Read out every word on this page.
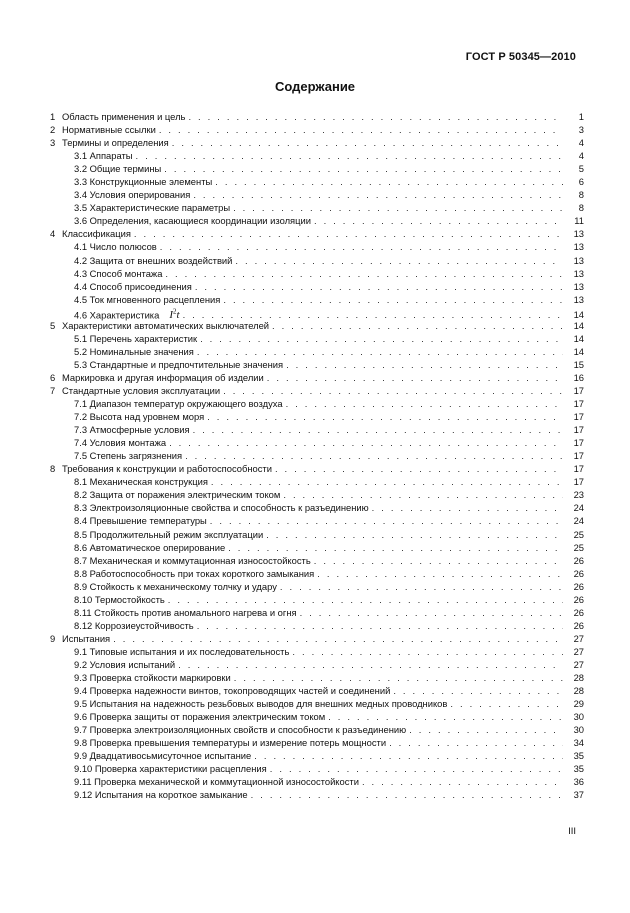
ГОСТ Р 50345—2010
Содержание
1 Область применения и цель . . .	1
2 Нормативные ссылки . . .	3
3 Термины и определения . . .	4
3.1 Аппараты . . .	4
3.2 Общие термины . . .	5
3.3 Конструкционные элементы . . .	6
3.4 Условия оперирования . . .	8
3.5 Характеристические параметры . . .	8
3.6 Определения, касающиеся координации изоляции . . .	11
4 Классификация . . .	13
4.1 Число полюсов . . .	13
4.2 Защита от внешних воздействий . . .	13
4.3 Способ монтажа . . .	13
4.4 Способ присоединения . . .	13
4.5 Ток мгновенного расцепления . . .	13
4.6 Характеристика $I^2t$ . . .	14
5 Характеристики автоматических выключателей . . .	14
5.1 Перечень характеристик . . .	14
5.2 Номинальные значения . . .	14
5.3 Стандартные и предпочтительные значения . . .	15
6 Маркировка и другая информация об изделии . . .	16
7 Стандартные условия эксплуатации . . .	17
7.1 Диапазон температур окружающего воздуха . . .	17
7.2 Высота над уровнем моря . . .	17
7.3 Атмосферные условия . . .	17
7.4 Условия монтажа . . .	17
7.5 Степень загрязнения . . .	17
8 Требования к конструкции и работоспособности . . .	17
8.1 Механическая конструкция . . .	17
8.2 Защита от поражения электрическим током . . .	23
8.3 Электроизоляционные свойства и способность к разъединению . . .	24
8.4 Превышение температуры . . .	24
8.5 Продолжительный режим эксплуатации . . .	25
8.6 Автоматическое оперирование . . .	25
8.7 Механическая и коммутационная износостойкость . . .	26
8.8 Работоспособность при токах короткого замыкания . . .	26
8.9 Стойкость к механическому толчку и удару . . .	26
8.10 Термостойкость . . .	26
8.11 Стойкость против аномального нагрева и огня . . .	26
8.12 Коррозиеустойчивость . . .	26
9 Испытания . . .	27
9.1 Типовые испытания и их последовательность . . .	27
9.2 Условия испытаний . . .	27
9.3 Проверка стойкости маркировки . . .	28
9.4 Проверка надежности винтов, токопроводящих частей и соединений . . .	28
9.5 Испытания на надежность резьбовых выводов для внешних медных проводников . . .	29
9.6 Проверка защиты от поражения электрическим током . . .	30
9.7 Проверка электроизоляционных свойств и способности к разъединению . . .	30
9.8 Проверка превышения температуры и измерение потерь мощности . . .	34
9.9 Двадцативосьмисуточное испытание . . .	35
9.10 Проверка характеристики расцепления . . .	35
9.11 Проверка механической и коммутационной износостойкости . . .	36
9.12 Испытания на короткое замыкание . . .	37
III
